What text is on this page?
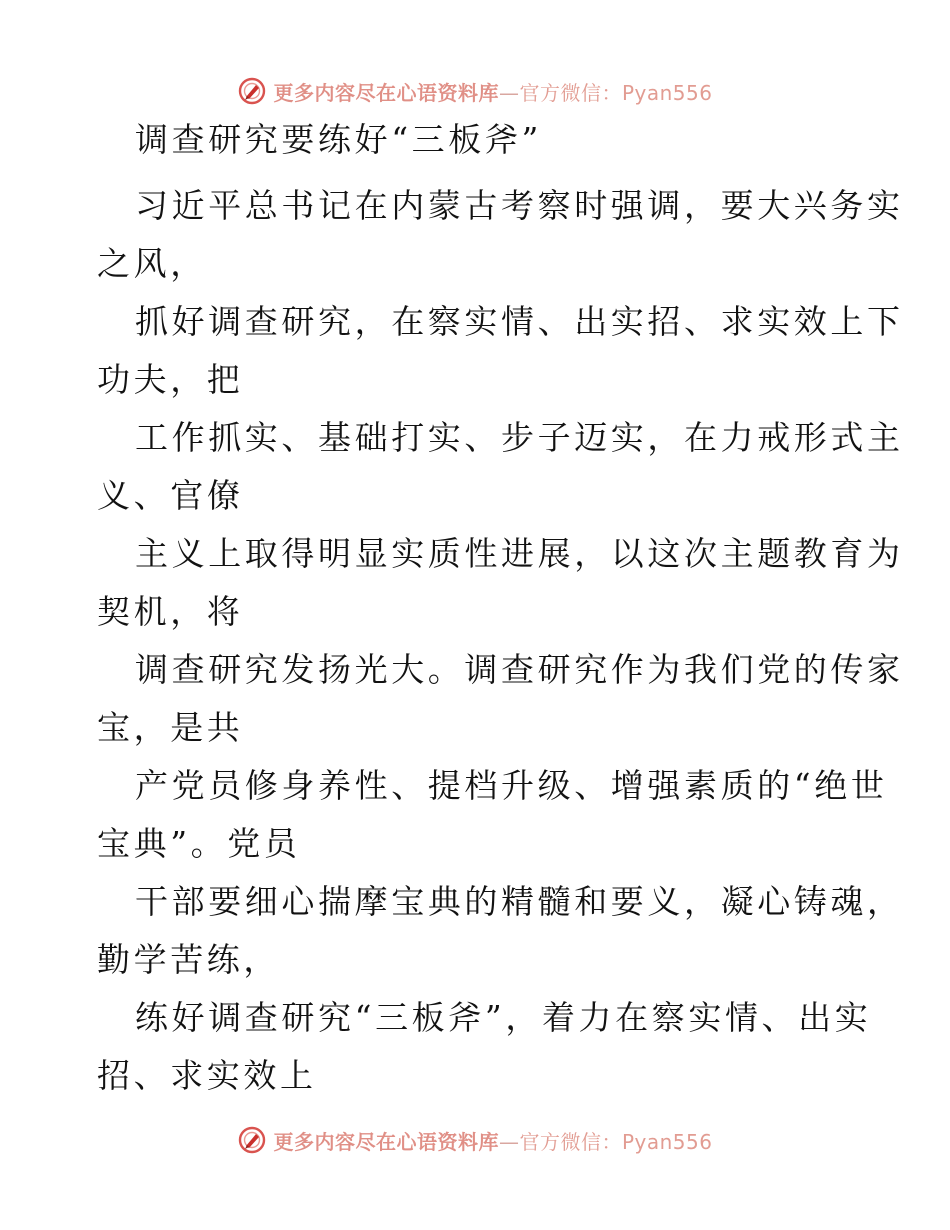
更多内容尽在心语资料库—官方微信：Pyan556
调查研究要练好“三板斧”
习近平总书记在内蒙古考察时强调，要大兴务实
之风，
抓好调查研究，在察实情、出实招、求实效上下
功夫，把
工作抓实、基础打实、步子迈实，在力戒形式主
义、官僚
主义上取得明显实质性进展，以这次主题教育为
契机，将
调查研究发扬光大。调查研究作为我们党的传家
宝，是共
产党员修身养性、提档升级、增强素质的“绝世
宝典”。党员
干部要细心揣摩宝典的精髓和要义，凝心铸魂，
勤学苦练，
练好调查研究“三板斧”，着力在察实情、出实
招、求实效上
更多内容尽在心语资料库—官方微信：Pyan556
